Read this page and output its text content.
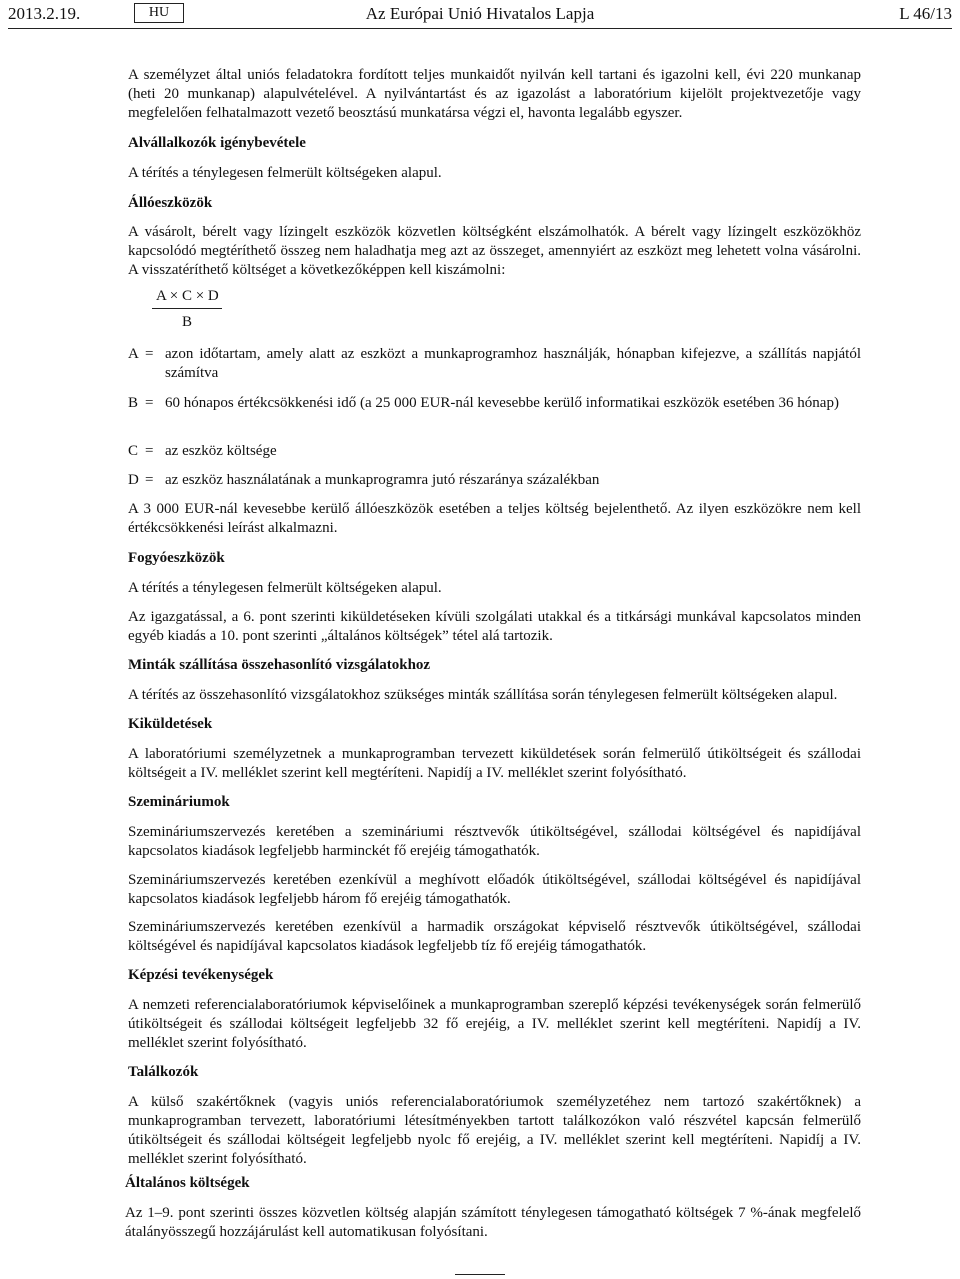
2013.2.19.	Az Európai Unió Hivatalos Lapja
HU	L 46/13

A személyzet által uniós feladatokra fordított teljes munkaidőt nyilván kell tartani és igazolni kell, évi 220 munkanap (heti 20 munkanap) alapulvételével. A nyilvántartást és az igazolást a laboratórium kijelölt projektvezetője vagy megfelelően felhatalmazott vezető beosztású munkatársa végzi el, havonta legalább egyszer.

Alvállalkozók igénybevétele

A térítés a ténylegesen felmerült költségeken alapul.

Állóeszközök

A vásárolt, bérelt vagy lízingelt eszközök közvetlen költségként elszámolhatók. A bérelt vagy lízingelt eszközökhöz kapcsolódó megtéríthető összeg nem haladhatja meg azt az összeget, amennyiért az eszközt meg lehetett volna vásárolni. A visszatéríthető költséget a következőképpen kell kiszámolni:

A × C × D
B
A = azon időtartam, amely alatt az eszközt a munkaprogramhoz használják, hónapban kifejezve, a szállítás napjától számítva
B = 60 hónapos értékcsökkenési idő (a 25 000 EUR-nál kevesebbe kerülő informatikai eszközök esetében 36 hónap)
C = az eszköz költsége
D = az eszköz használatának a munkaprogramra jutó részaránya százalékban

A 3 000 EUR-nál kevesebbe kerülő állóeszközök esetében a teljes költség bejelenthető. Az ilyen eszközökre nem kell értékcsökkenési leírást alkalmazni.

Fogyóeszközök

A térítés a ténylegesen felmerült költségeken alapul.

Az igazgatással, a 6. pont szerinti kiküldetéseken kívüli szolgálati utakkal és a titkársági munkával kapcsolatos minden egyéb kiadás a 10. pont szerinti „általános költségek” tétel alá tartozik.

Minták szállítása összehasonlító vizsgálatokhoz

A térítés az összehasonlító vizsgálatokhoz szükséges minták szállítása során ténylegesen felmerült költségeken alapul.

Kiküldetések

A laboratóriumi személyzetnek a munkaprogramban tervezett kiküldetések során felmerülő útiköltségeit és szállodai költségeit a IV. melléklet szerint kell megtéríteni. Napidíj a IV. melléklet szerint folyósítható.

Szemináriumok

Szemináriumszervezés keretében a szemináriumi résztvevők útiköltségével, szállodai költségével és napidíjával kapcsolatos kiadások legfeljebb harminckét fő erejéig támogathatók.

Szemináriumszervezés keretében ezenkívül a meghívott előadók útiköltségével, szállodai költségével és napidíjával kapcsolatos kiadások legfeljebb három fő erejéig támogathatók.

Szemináriumszervezés keretében ezenkívül a harmadik országokat képviselő résztvevők útiköltségével, szállodai költségével és napidíjával kapcsolatos kiadások legfeljebb tíz fő erejéig támogathatók.

Képzési tevékenységek

A nemzeti referencialaboratóriumok képviselőinek a munkaprogramban szereplő képzési tevékenységek során felmerülő útiköltségeit és szállodai költségeit legfeljebb 32 fő erejéig, a IV. melléklet szerint kell megtéríteni. Napidíj a IV. melléklet szerint folyósítható.

Találkozók

A külső szakértőknek (vagyis uniós referencialaboratóriumok személyzetéhez nem tartozó szakértőknek) a munkaprogramban tervezett, laboratóriumi létesítményekben tartott találkozókon való részvétel kapcsán felmerülő útiköltségeit és szállodai költségeit legfeljebb nyolc fő erejéig, a IV. melléklet szerint kell megtéríteni. Napidíj a IV. melléklet szerint folyósítható.

Általános költségek

Az 1–9. pont szerinti összes közvetlen költség alapján számított ténylegesen támogatható költségek 7 %-ának megfelelő átalányösszegű hozzájárulást kell automatikusan folyósítani.
